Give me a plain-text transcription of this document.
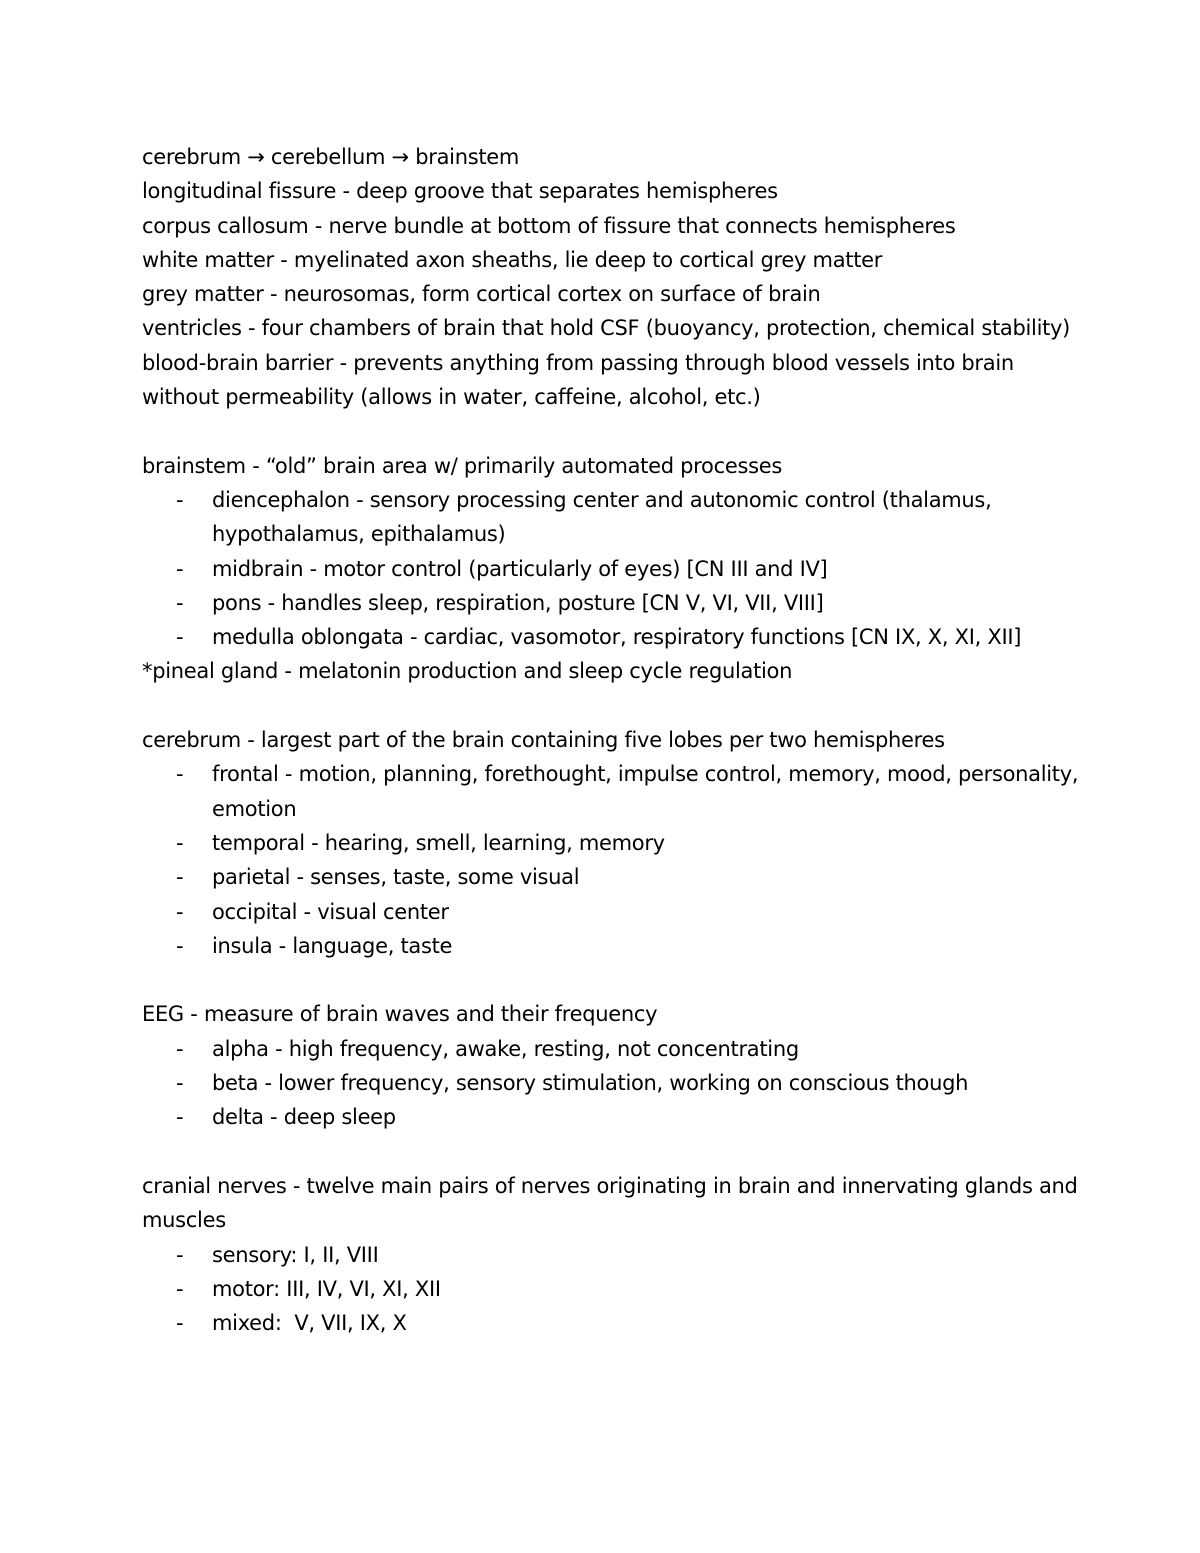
cerebrum → cerebellum → brainstem

longitudinal fissure - deep groove that separates hemispheres

corpus callosum - nerve bundle at bottom of fissure that connects hemispheres

white matter - myelinated axon sheaths, lie deep to cortical grey matter

grey matter - neurosomas, form cortical cortex on surface of brain

ventricles - four chambers of brain that hold CSF (buoyancy, protection, chemical stability)

blood-brain barrier - prevents anything from passing through blood vessels into brain without permeability (allows in water, caffeine, alcohol, etc.)

brainstem - “old” brain area w/ primarily automated processes

- diencephalon - sensory processing center and autonomic control (thalamus, hypothalamus, epithalamus)
- midbrain - motor control (particularly of eyes) [CN III and IV]
- pons - handles sleep, respiration, posture [CN V, VI, VII, VIII]
- medulla oblongata - cardiac, vasomotor, respiratory functions [CN IX, X, XI, XII]

*pineal gland - melatonin production and sleep cycle regulation

cerebrum - largest part of the brain containing five lobes per two hemispheres

- frontal - motion, planning, forethought, impulse control, memory, mood, personality, emotion
- temporal - hearing, smell, learning, memory
- parietal - senses, taste, some visual
- occipital - visual center
- insula - language, taste

EEG - measure of brain waves and their frequency

- alpha - high frequency, awake, resting, not concentrating
- beta - lower frequency, sensory stimulation, working on conscious though
- delta - deep sleep

cranial nerves - twelve main pairs of nerves originating in brain and innervating glands and muscles

- sensory: I, II, VIII
- motor: III, IV, VI, XI, XII
- mixed:  V, VII, IX, X
